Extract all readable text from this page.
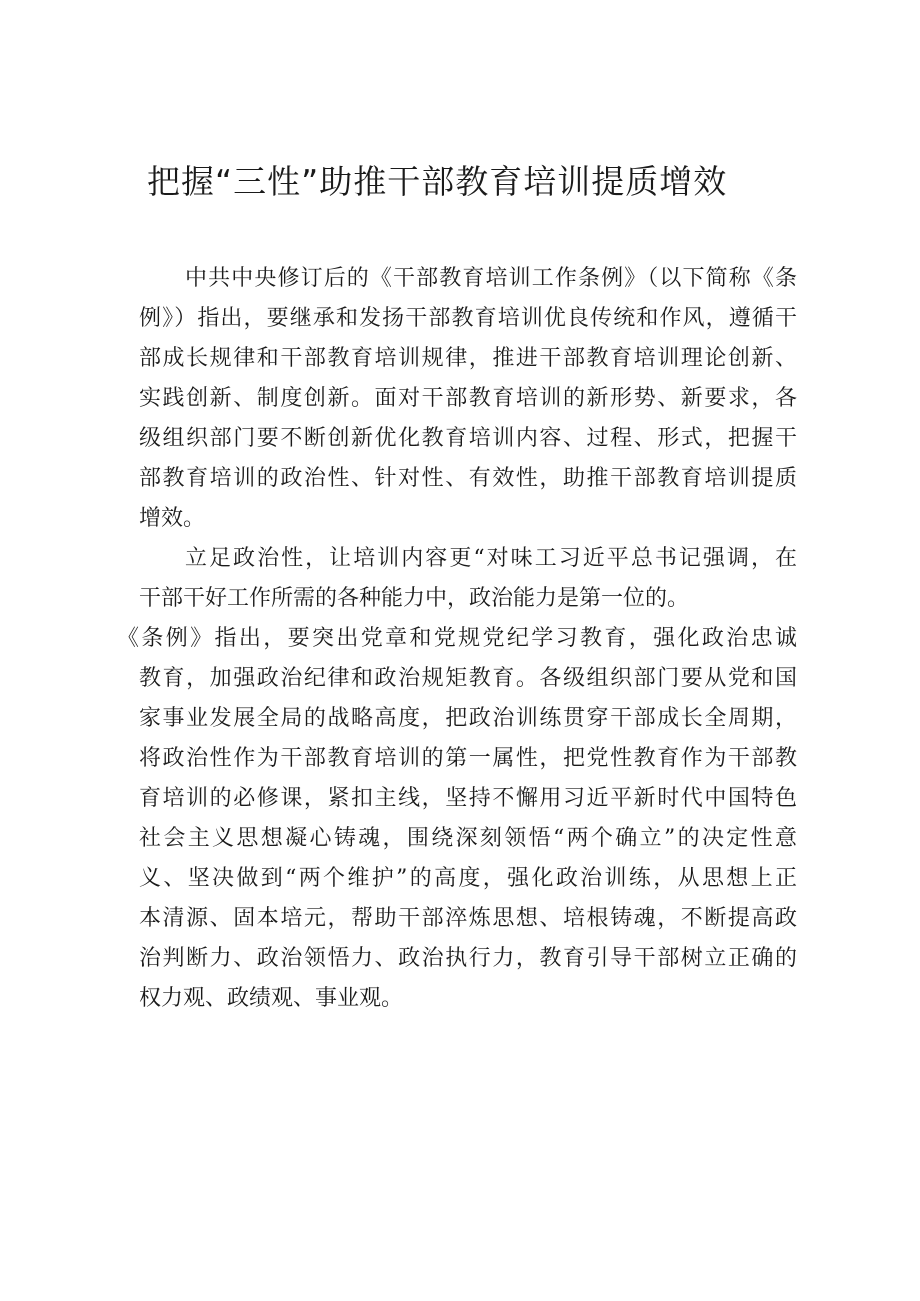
把握“三性”助推干部教育培训提质增效
中共中央修订后的《干部教育培训工作条例》（以下简称《条
例》）指出，要继承和发扬干部教育培训优良传统和作风，遵循干
部成长规律和干部教育培训规律，推进干部教育培训理论创新、
实践创新、制度创新。面对干部教育培训的新形势、新要求，各
级组织部门要不断创新优化教育培训内容、过程、形式，把握干
部教育培训的政治性、针对性、有效性，助推干部教育培训提质
增效。
立足政治性，让培训内容更“对味工习近平总书记强调，在
干部干好工作所需的各种能力中，政治能力是第一位的。
《条例》指出，要突出党章和党规党纪学习教育，强化政治忠诚
教育，加强政治纪律和政治规矩教育。各级组织部门要从党和国
家事业发展全局的战略高度，把政治训练贯穿干部成长全周期，
将政治性作为干部教育培训的第一属性，把党性教育作为干部教
育培训的必修课，紧扣主线，坚持不懈用习近平新时代中国特色
社会主义思想凝心铸魂，围绕深刻领悟“两个确立”的决定性意
义、坚决做到“两个维护”的高度，强化政治训练，从思想上正
本清源、固本培元，帮助干部淬炼思想、培根铸魂，不断提高政
治判断力、政治领悟力、政治执行力，教育引导干部树立正确的
权力观、政绩观、事业观。
